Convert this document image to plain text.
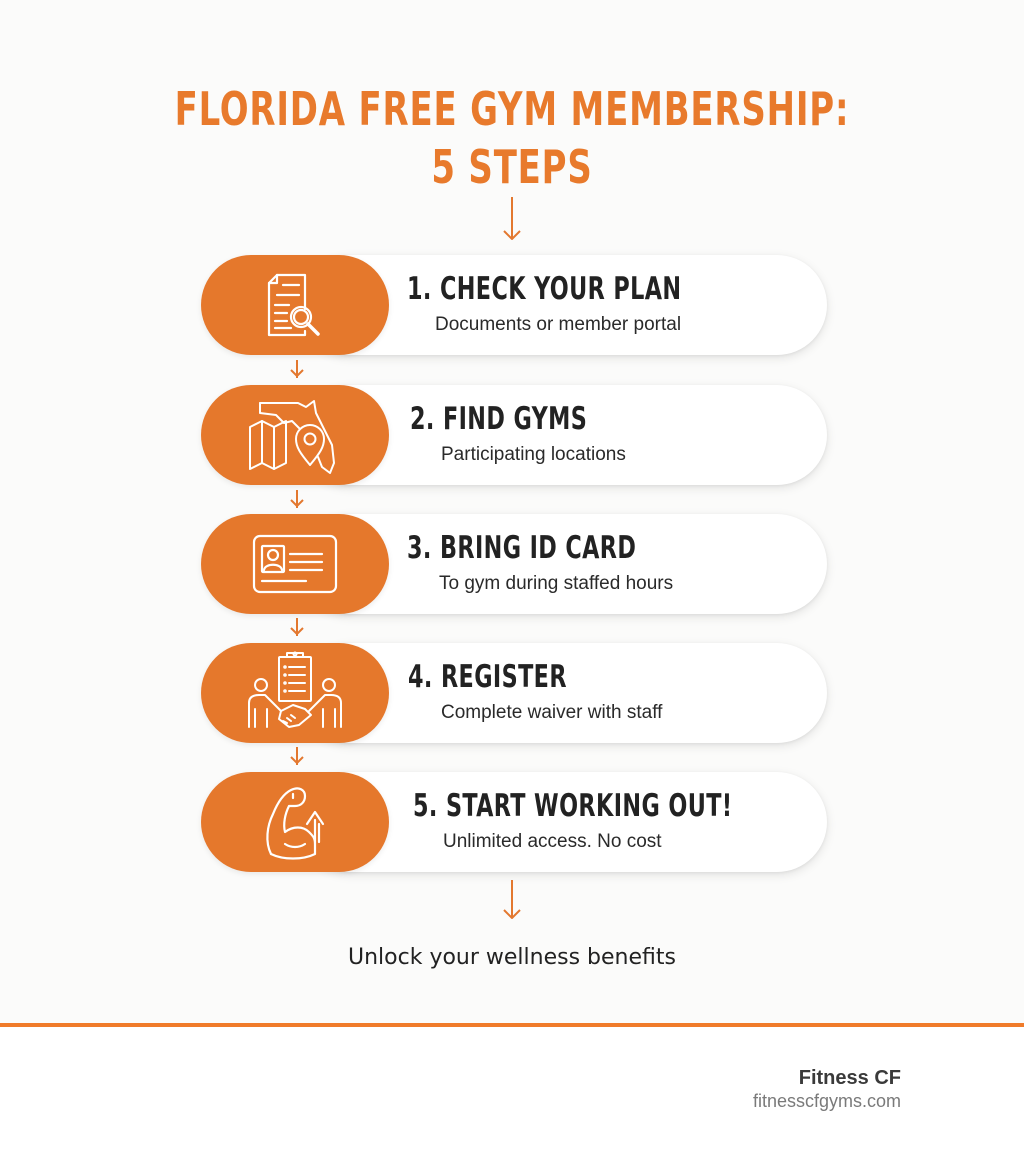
FLORIDA FREE GYM MEMBERSHIP:
5 STEPS
1. CHECK YOUR PLAN
Documents or member portal
2. FIND GYMS
Participating locations
3. BRING ID CARD
To gym during staffed hours
4. REGISTER
Complete waiver with staff
5. START WORKING OUT!
Unlimited access. No cost
Unlock your wellness benefits
Fitness CF
fitnesscfgyms.com
